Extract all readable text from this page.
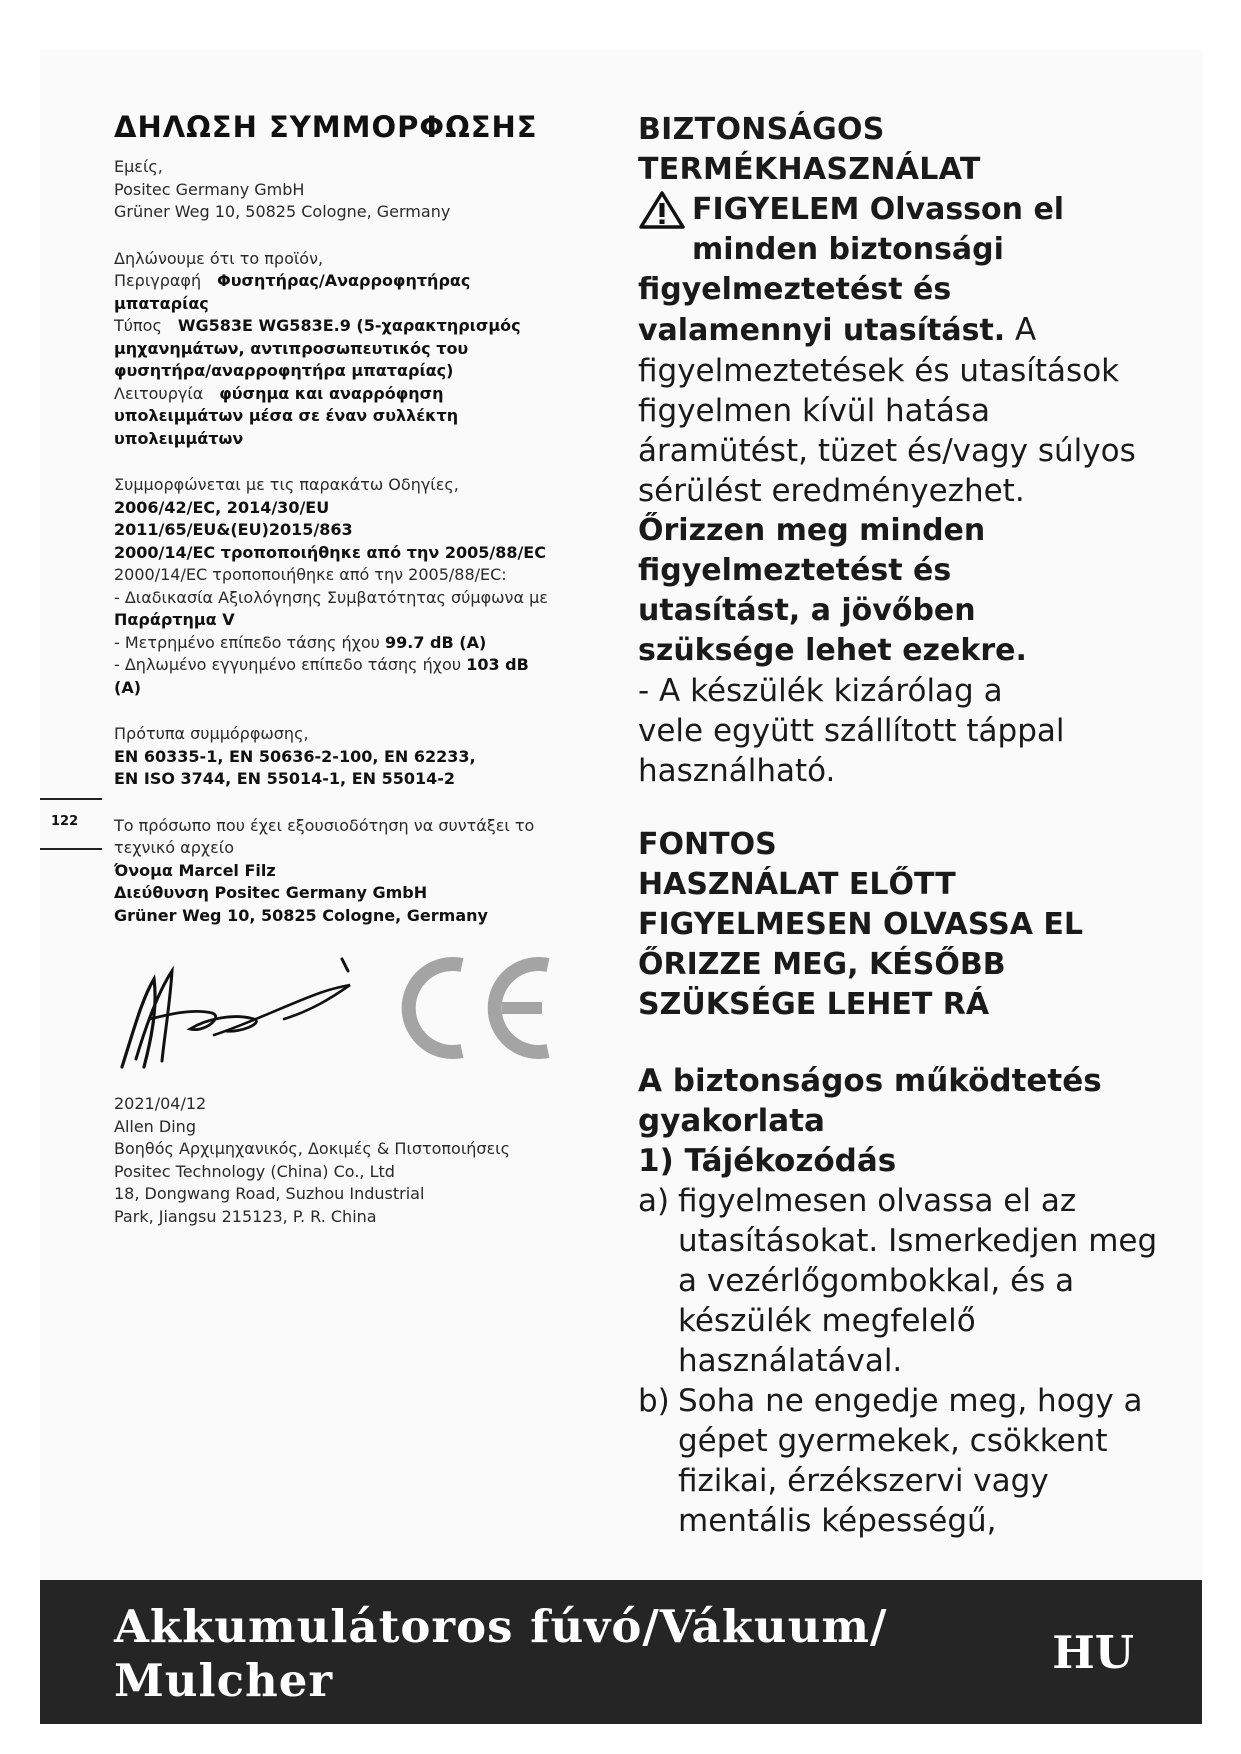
122

ΔΗΛΩΣΗ ΣΥΜΜΟΡΦΩΣΗΣ

Εμείς,

Positec Germany GmbH

Grüner Weg 10, 50825 Cologne, Germany

Δηλώνουμε ότι το προϊόν,

Περιγραφή Φυσητήρας/Αναρροφητήρας

μπαταρίας

Τύπος WG583E WG583E.9 (5-χαρακτηρισμός

μηχανημάτων, αντιπροσωπευτικός του

φυσητήρα/αναρροφητήρα μπαταρίας)

Λειτουργία φύσημα και αναρρόφηση

υπολειμμάτων μέσα σε έναν συλλέκτη

υπολειμμάτων

Συμμορφώνεται με τις παρακάτω Οδηγίες,

2006/42/EC, 2014/30/EU

2011/65/EU&(EU)2015/863

2000/14/EC τροποποιήθηκε από την 2005/88/EC

2000/14/EC τροποποιήθηκε από την 2005/88/EC:

- Διαδικασία Αξιολόγησης Συμβατότητας σύμφωνα με

Παράρτημα V

- Μετρημένο επίπεδο τάσης ήχου 99.7 dB (A)

- Δηλωμένο εγγυημένο επίπεδο τάσης ήχου 103 dB

(A)

Πρότυπα συμμόρφωσης,

EN 60335-1, EN 50636-2-100, EN 62233,

EN ISO 3744, EN 55014-1, EN 55014-2

Το πρόσωπο που έχει εξουσιοδότηση να συντάξει το

τεχνικό αρχείο

Όνομα Marcel Filz

Διεύθυνση Positec Germany GmbH

Grüner Weg 10, 50825 Cologne, Germany

2021/04/12

Allen Ding

Βοηθός Αρχιμηχανικός, Δοκιμές & Πιστοποιήσεις

Positec Technology (China) Co., Ltd

18, Dongwang Road, Suzhou Industrial

Park, Jiangsu 215123, P. R. China

BIZTONSÁGOS

TERMÉKHASZNÁLAT

FIGYELEM Olvasson el

minden biztonsági

figyelmeztetést és

valamennyi utasítást. A

figyelmeztetések és utasítások

figyelmen kívül hatása

áramütést, tüzet és/vagy súlyos

sérülést eredményezhet.

Őrizzen meg minden

figyelmeztetést és

utasítást, a jövőben

szüksége lehet ezekre.

- A készülék kizárólag a

vele együtt szállított táppal

használható.

FONTOS

HASZNÁLAT ELŐTT

FIGYELMESEN OLVASSA EL

ŐRIZZE MEG, KÉSŐBB

SZÜKSÉGE LEHET RÁ

A biztonságos működtetés

gyakorlata

1) Tájékozódás

a) figyelmesen olvassa el az utasításokat. Ismerkedjen meg a vezérlőgombokkal, és a készülék megfelelő használatával.
b) Soha ne engedje meg, hogy a gépet gyermekek, csökkent fizikai, érzékszervi vagy mentális képességű,
Akkumulátoros fúvó/Vákuum/
Mulcher
HU
